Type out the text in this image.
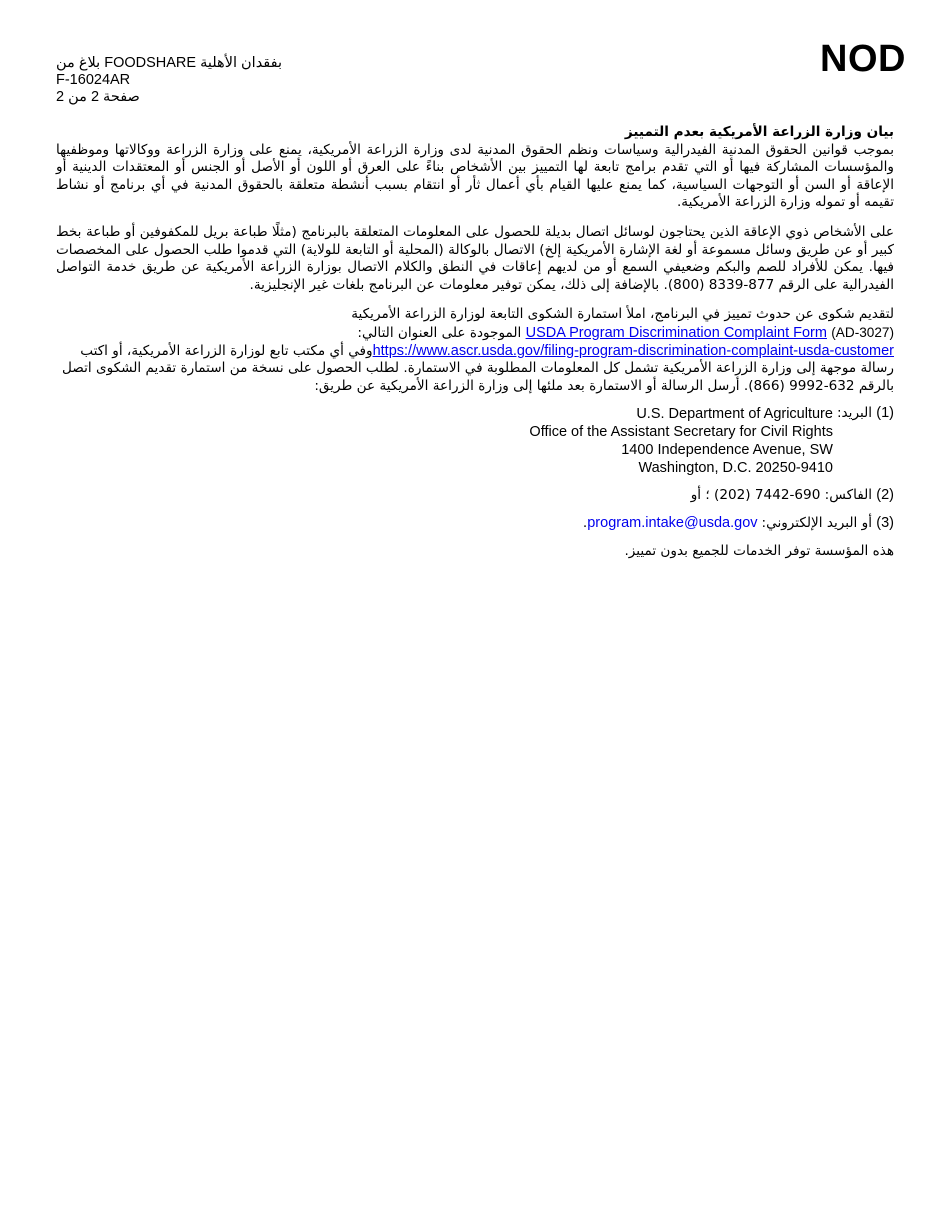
بلاغ من FOODSHARE بفقدان الأهلية
F-16024AR
صفحة 2 من 2
NOD

بيان وزارة الزراعة الأمريكية بعدم التمييز

بموجب قوانين الحقوق المدنية الفيدرالية وسياسات ونظم الحقوق المدنية لدى وزارة الزراعة الأمريكية، يمنع على وزارة الزراعة ووكالاتها وموظفيها والمؤسسات المشاركة فيها أو التي تقدم برامج تابعة لها التمييز بين الأشخاص بناءً على العرق أو اللون أو الأصل أو الجنس أو المعتقدات الدينية أو الإعاقة أو السن أو التوجهات السياسية، كما يمنع عليها القيام بأي أعمال ثأر أو انتقام بسبب أنشطة متعلقة بالحقوق المدنية في أي برنامج أو نشاط تقيمه أو تموله وزارة الزراعة الأمريكية.

على الأشخاص ذوي الإعاقة الذين يحتاجون لوسائل اتصال بديلة للحصول على المعلومات المتعلقة بالبرنامج (مثلًا طباعة بريل للمكفوفين أو طباعة بخط كبير أو عن طريق وسائل مسموعة أو لغة الإشارة الأمريكية إلخ) الاتصال بالوكالة (المحلية أو التابعة للولاية) التي قدموا طلب الحصول على المخصصات فيها. يمكن للأفراد للصم والبكم وضعيفي السمع أو من لديهم إعاقات في النطق والكلام الاتصال بوزارة الزراعة الأمريكية عن طريق خدمة التواصل الفيدرالية على الرقم 877-8339 (800). بالإضافة إلى ذلك، يمكن توفير معلومات عن البرنامج بلغات غير الإنجليزية.

لتقديم شكوى عن حدوث تمييز في البرنامج، املأ استمارة الشكوى التابعة لوزارة الزراعة الأمريكية
USDA Program Discrimination Complaint Form (AD-3027) الموجودة على العنوان التالي:
https://www.ascr.usda.gov/filing-program-discrimination-complaint-usda-customerوفي أي مكتب تابع لوزارة الزراعة الأمريكية، أو اكتب رسالة موجهة إلى وزارة الزراعة الأمريكية تشمل كل المعلومات المطلوبة في الاستمارة. لطلب الحصول على نسخة من استمارة تقديم الشكوى اتصل بالرقم 632-9992 (866). أرسل الرسالة أو الاستمارة بعد ملئها إلى وزارة الزراعة الأمريكية عن طريق:

(1)
البريد:
U.S. Department of Agriculture
Office of the Assistant Secretary for Civil Rights
1400 Independence Avenue, SW
Washington, D.C. 20250-9410
(2)
الفاكس: 690-7442 (202) ؛ أو
(3)
أو البريد الإلكتروني:
program.intake@usda.gov
.

هذه المؤسسة توفر الخدمات للجميع بدون تمييز.
